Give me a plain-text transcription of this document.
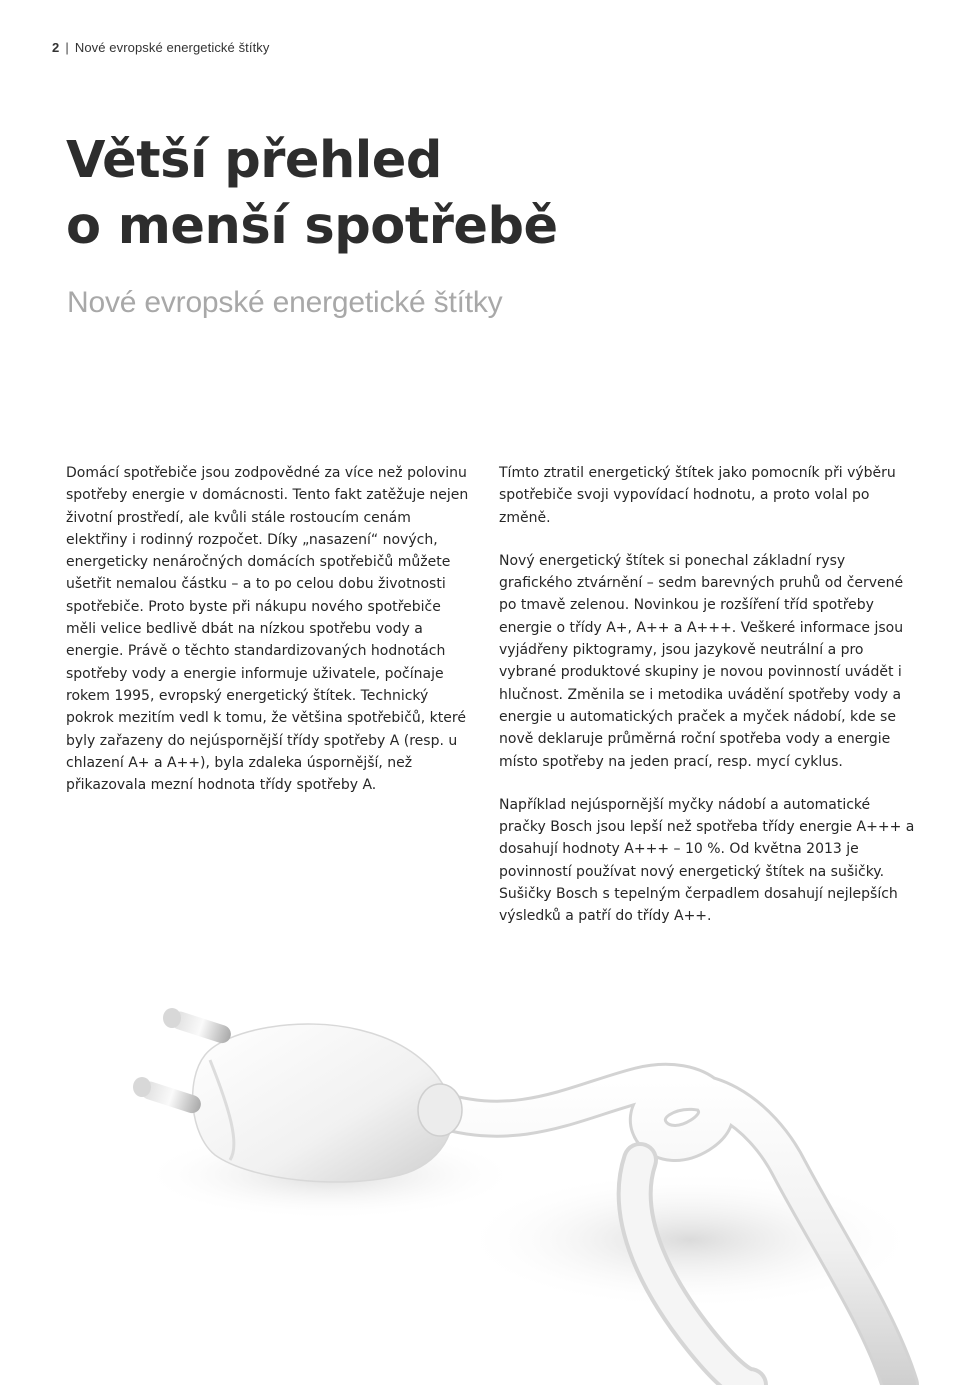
2 | Nové evropské energetické štítky
Větší přehled
o menší spotřebě
Nové evropské energetické štítky

Domácí spotřebiče jsou zodpovědné za více než polovinu spotřeby energie v domácnosti. Tento fakt zatěžuje nejen životní prostředí, ale kvůli stále rostoucím cenám elektřiny i rodinný rozpočet. Díky „nasazení“ nových, energeticky nenáročných domácích spotřebičů můžete ušetřit nemalou částku – a to po celou dobu životnosti spotřebiče. Proto byste při nákupu nového spotřebiče měli velice bedlivě dbát na nízkou spotřebu vody a energie. Právě o těchto standardizovaných hodnotách spotřeby vody a energie informuje uživatele, počínaje rokem 1995, evropský energetický štítek. Technický pokrok mezitím vedl k tomu, že většina spotřebičů, které byly zařazeny do nejúspornější třídy spotřeby A (resp. u chlazení A+ a A++), byla zdaleka úspornější, než přikazovala mezní hodnota třídy spotřeby A.

Tímto ztratil energetický štítek jako pomocník při výběru spotřebiče svoji vypovídací hodnotu, a proto volal po změně.

Nový energetický štítek si ponechal základní rysy grafického ztvárnění – sedm barevných pruhů od červené po tmavě zelenou. Novinkou je rozšíření tříd spotřeby energie o třídy A+, A++ a A+++. Veškeré informace jsou vyjádřeny piktogramy, jsou jazykově neutrální a pro vybrané produktové skupiny je novou povinností uvádět i hlučnost. Změnila se i metodika uvádění spotřeby vody a energie u automatických praček a myček nádobí, kde se nově deklaruje průměrná roční spotřeba vody a energie místo spotřeby na jeden prací, resp. mycí cyklus.

Například nejúspornější myčky nádobí a automatické pračky Bosch jsou lepší než spotřeba třídy energie A+++ a dosahují hodnoty A+++ – 10 %. Od května 2013 je povinností používat nový energetický štítek na sušičky. Sušičky Bosch s tepelným čerpadlem dosahují nejlepších výsledků a patří do třídy A++.
